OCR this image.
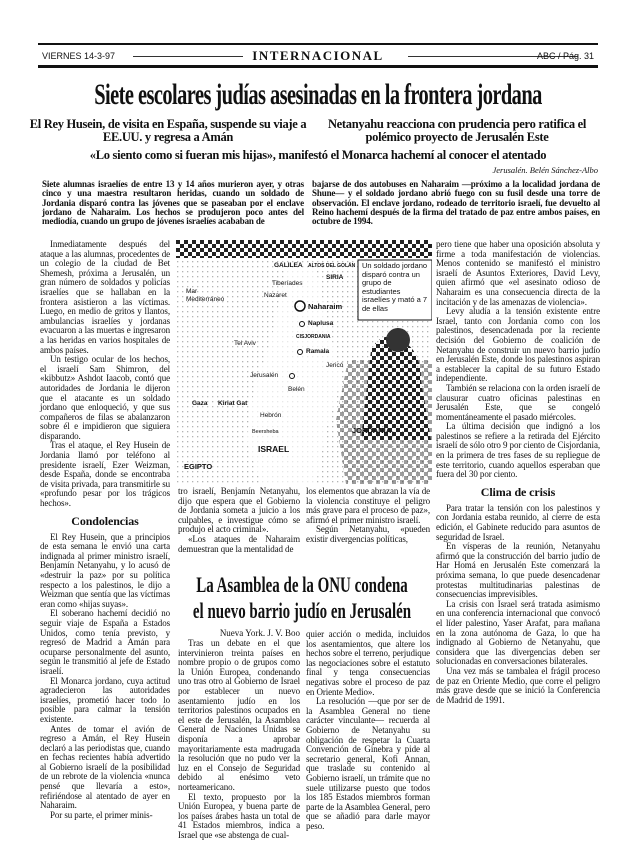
VIERNES 14-3-97	INTERNACIONAL	ABC / Pág. 31
Siete escolares judías asesinadas en la frontera jordana
El Rey Husein, de visita en España, suspende su viaje a EE.UU. y regresa a Amán
Netanyahu reacciona con prudencia pero ratifica el polémico proyecto de Jerusalén Este
«Lo siento como si fueran mis hijas», manifestó el Monarca hachemí al conocer el atentado
Jerusalén. Belén Sánchez-Albo
Siete alumnas israelíes de entre 13 y 14 años murieron ayer, y otras cinco y una maestra resultaron heridas, cuando un soldado de Jordania disparó contra las jóvenes que se paseaban por el enclave jordano de Naharaim. Los hechos se produjeron poco antes del mediodía, cuando un grupo de jóvenes israelíes acababan de
bajarse de dos autobuses en Naharaim —próximo a la localidad jordana de Shune— y el soldado jordano abrió fuego con su fusil desde una torre de observación. El enclave jordano, rodeado de territorio israelí, fue devuelto al Reino hachemí después de la firma del tratado de paz entre ambos países, en octubre de 1994.

Inmediatamente después del ataque a las alumnas, procedentes de un colegio de la ciudad de Bet Shemesh, próxima a Jerusalén, un gran número de soldados y policías israelíes que se hallaban en la frontera asistieron a las víctimas. Luego, en medio de gritos y llantos, ambulancias israelíes y jordanas evacuaron a las muertas e ingresaron a las heridas en varios hospitales de ambos países.

Un testigo ocular de los hechos, el israelí Sam Shimron, del «kibbutz» Ashdot Iaacob, contó que autoridades de Jordania le dijeron que el atacante es un soldado jordano que enloqueció, y que sus compañeros de filas se abalanzaron sobre él e impidieron que siguiera disparando.

Tras el ataque, el Rey Husein de Jordania llamó por teléfono al presidente israelí, Ezer Weizman, desde España, donde se encontraba de visita privada, para transmitirle su «profundo pesar por los trágicos hechos».

Condolencias

El Rey Husein, que a principios de esta semana le envió una carta indignada al primer ministro israelí, Benjamín Netanyahu, y lo acusó de «destruir la paz» por su política respecto a los palestinos, le dijo a Weizman que sentía que las víctimas eran como «hijas suyas».

El soberano hachemí decidió no seguir viaje de España a Estados Unidos, como tenía previsto, y regresó de Madrid a Amán para ocuparse personalmente del asunto, según le transmitió al jefe de Estado israelí.

El Monarca jordano, cuya actitud agradecieron las autoridades israelíes, prometió hacer todo lo posible para calmar la tensión existente.

Antes de tomar el avión de regreso a Amán, el Rey Husein declaró a las periodistas que, cuando en fechas recientes había advertido al Gobierno israelí de la posibilidad de un rebrote de la violencia «nunca pensé que llevaría a esto», refiriéndose al atentado de ayer en Naharaim.

Por su parte, el primer minis-

Un soldado jordano disparó contra un grupo de estudiantes israelíes y mató a 7 de ellas
GALILEA ALTOS DEL GOLÁN
SIRIA
Tiberíades
Nazaret
Naharaim
Mar Mediterráneo
Naplusa
CISJORDANIA
Tel Aviv
Ramala
Jericó
Jerusalén
Belén
Gaza Kiriat Gat
Hebrón
JORDANIA
Beersheba
ISRAEL
EGIPTO

tro israelí, Benjamín Netanyahu, dijo que espera que el Gobierno de Jordania someta a juicio a los culpables, e investigue cómo se produjo el acto criminal».

«Los ataques de Naharaim demuestran que la mentalidad de

los elementos que abrazan la vía de la violencia constituye el peligro más grave para el proceso de paz», afirmó el primer ministro israelí.

Según Netanyahu, «pueden existir divergencias políticas,

pero tiene que haber una oposición absoluta y firme a toda manifestación de violencias. Menos contenido se manifestó el ministro israelí de Asuntos Exteriores, David Levy, quien afirmó que «el asesinato odioso de Naharaim es una consecuencia directa de la incitación y de las amenazas de violencia».

Levy aludía a la tensión existente entre Israel, tanto con Jordania como con los palestinos, desencadenada por la reciente decisión del Gobierno de coalición de Netanyahu de construir un nuevo barrio judío en Jerusalén Este, donde los palestinos aspiran a establecer la capital de su futuro Estado independiente.

También se relaciona con la orden israelí de clausurar cuatro oficinas palestinas en Jerusalén Este, que se congeló momentáneamente el pasado miércoles.

La última decisión que indignó a los palestinos se refiere a la retirada del Ejército israelí de sólo otro 9 por ciento de Cisjordania, en la primera de tres fases de su repliegue de este territorio, cuando aquellos esperaban que fuera del 30 por ciento.

Clima de crisis

Para tratar la tensión con los palestinos y con Jordania estaba reunido, al cierre de esta edición, el Gabinete reducido para asuntos de seguridad de Israel.

En vísperas de la reunión, Netanyahu afirmó que la construcción del barrio judío de Har Homá en Jerusalén Este comenzará la próxima semana, lo que puede desencadenar protestas multitudinarias palestinas de consecuencias imprevisibles.

La crisis con Israel será tratada asimismo en una conferencia internacional que convocó el líder palestino, Yaser Arafat, para mañana en la zona autónoma de Gaza, lo que ha indignado al Gobierno de Netanyahu, que considera que las divergencias deben ser solucionadas en conversaciones bilaterales.

Una vez más se tambalea el frágil proceso de paz en Oriente Medio, que corre el peligro más grave desde que se inició la Conferencia de Madrid de 1991.

La Asamblea de la ONU condena
el nuevo barrio judío en Jerusalén
Nueva York. J. V. Boo

Tras un debate en el que intervinieron treinta países en nombre propio o de grupos como la Unión Europea, condenando uno tras otro al Gobierno de Israel por establecer un nuevo asentamiento judío en los territorios palestinos ocupados en el este de Jerusalén, la Asamblea General de Naciones Unidas se disponía a aprobar mayoritariamente esta madrugada la resolución que no pudo ver la luz en el Consejo de Seguridad debido al enésimo veto norteamericano.

El texto, propuesto por la Unión Europea, y buena parte de los países árabes hasta un total de 41 Estados miembros, indica a Israel que «se abstenga de cual-

quier acción o medida, incluidos los asentamientos, que altere los hechos sobre el terreno, perjudique las negociaciones sobre el estatuto final y tenga consecuencias negativas sobre el proceso de paz en Oriente Medio».

La resolución —que por ser de la Asamblea General no tiene carácter vinculante— recuerda al Gobierno de Netanyahu su obligación de respetar la Cuarta Convención de Ginebra y pide al secretario general, Kofi Annan, que traslade su contenido al Gobierno israelí, un trámite que no suele utilizarse puesto que todos los 185 Estados miembros forman parte de la Asamblea General, pero que se añadió para darle mayor peso.
